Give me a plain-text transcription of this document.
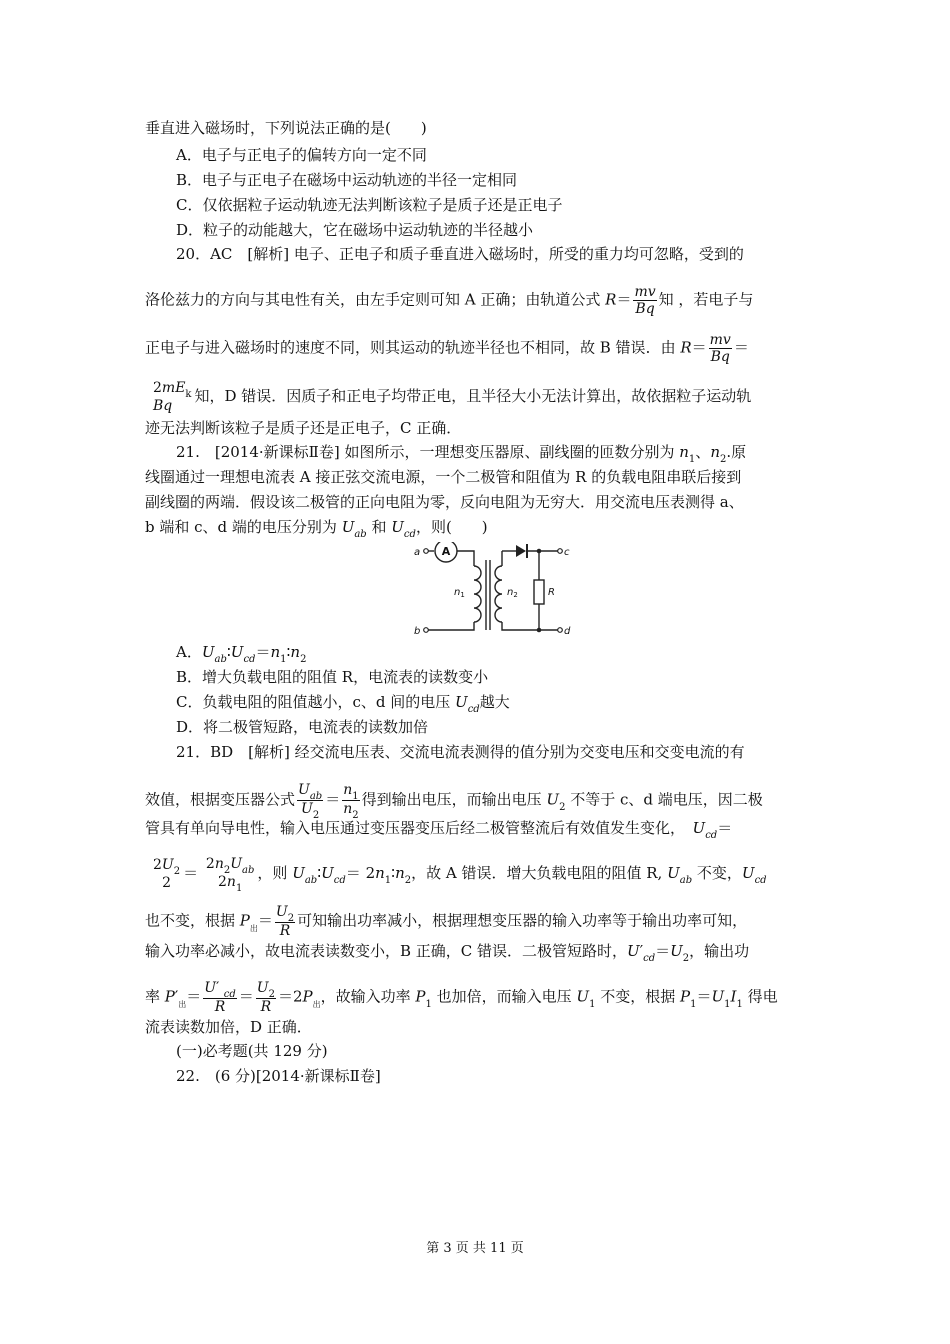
垂直进入磁场时，下列说法正确的是(　　)
A．电子与正电子的偏转方向一定不同
B．电子与正电子在磁场中运动轨迹的半径一定相同
C．仅依据粒子运动轨迹无法判断该粒子是质子还是正电子
D．粒子的动能越大，它在磁场中运动轨迹的半径越小
20．AC　[解析] 电子、正电子和质子垂直进入磁场时，所受的重力均可忽略，受到的
洛伦兹力的方向与其电性有关，由左手定则可知 A 正确；由轨道公式 $R= \frac{mv}{Bq}$ 知 ，若电子与
正电子与进入磁场时的速度不同，则其运动的轨迹半径也不相同，故 B 错误．由 $R= \frac{mv}{Bq}$ ＝
$2mE_k$
Bq
知，D 错误．因质子和正电子均带正电，且半径大小无法计算出，故依据粒子运动轨
迹无法判断该粒子是质子还是正电子，C 正确．
21.　[2014·新课标Ⅱ卷] 如图所示，一理想变压器原、副线圈的匝数分别为 $n_1$、$n_2$.原
线圈通过一理想电流表 A 接正弦交流电源，一个二极管和阻值为 R 的负载电阻串联后接到
副线圈的两端．假设该二极管的正向电阻为零，反向电阻为无穷大．用交流电压表测得 a、
b 端和 c、d 端的电压分别为 $U_{ab}$ 和 $U_{cd}$，则(　　)
a
b
c
d
R
$n_1$	$n_2$
A
A．$U_{ab}∶U_{cd}=n_1∶n_2$
B．增大负载电阻的阻值 R，电流表的读数变小
C．负载电阻的阻值越小，c、d 间的电压 $U_{cd}$越大
D．将二极管短路，电流表的读数加倍
21．BD　[解析] 经交流电压表、交流电流表测得的值分别为交变电压和交变电流的有
效值，根据变压器公式 $\frac{U_{ab}}{U_2} = \frac{n_1}{n_2}$ 得到输出电压，而输出电压 $U_2$ 不等于 c、d 端电压，因二极
管具有单向导电性，输入电压通过变压器变压后经二极管整流后有效值发生变化，　 $U_{cd}=$
$2U_2$
2
＝ $2n_2U_{ab}$
$2n_1$
，则 $U_{ab}∶U_{cd}=$ $2n_1∶n_2$，故 A 错误．增大负载电阻的阻值 R, $U_{ab}$ 不变，$U_{cd}$
也不变，根据 $P_出= \frac{U_2}{R}$ 可知输出功率减小，根据理想变压器的输入功率等于输出功率可知，
输入功率必减小，故电流表读数变小，B 正确，C 错误．二极管短路时，$U'_{cd}=U_2$，输出功
率 $P'_出= \frac{U' _{cd}}{R} = \frac{U_2}{R} =2P_出$，故输入功率 $P_1$ 也加倍，而输入电压 $U_1$ 不变，根据 $P_1=U_1I_1$ 得电
流表读数加倍，D 正确．
(一)必考题(共 129 分)
22.　(6 分)[2014·新课标Ⅱ卷]
第 3 页 共 11 页
